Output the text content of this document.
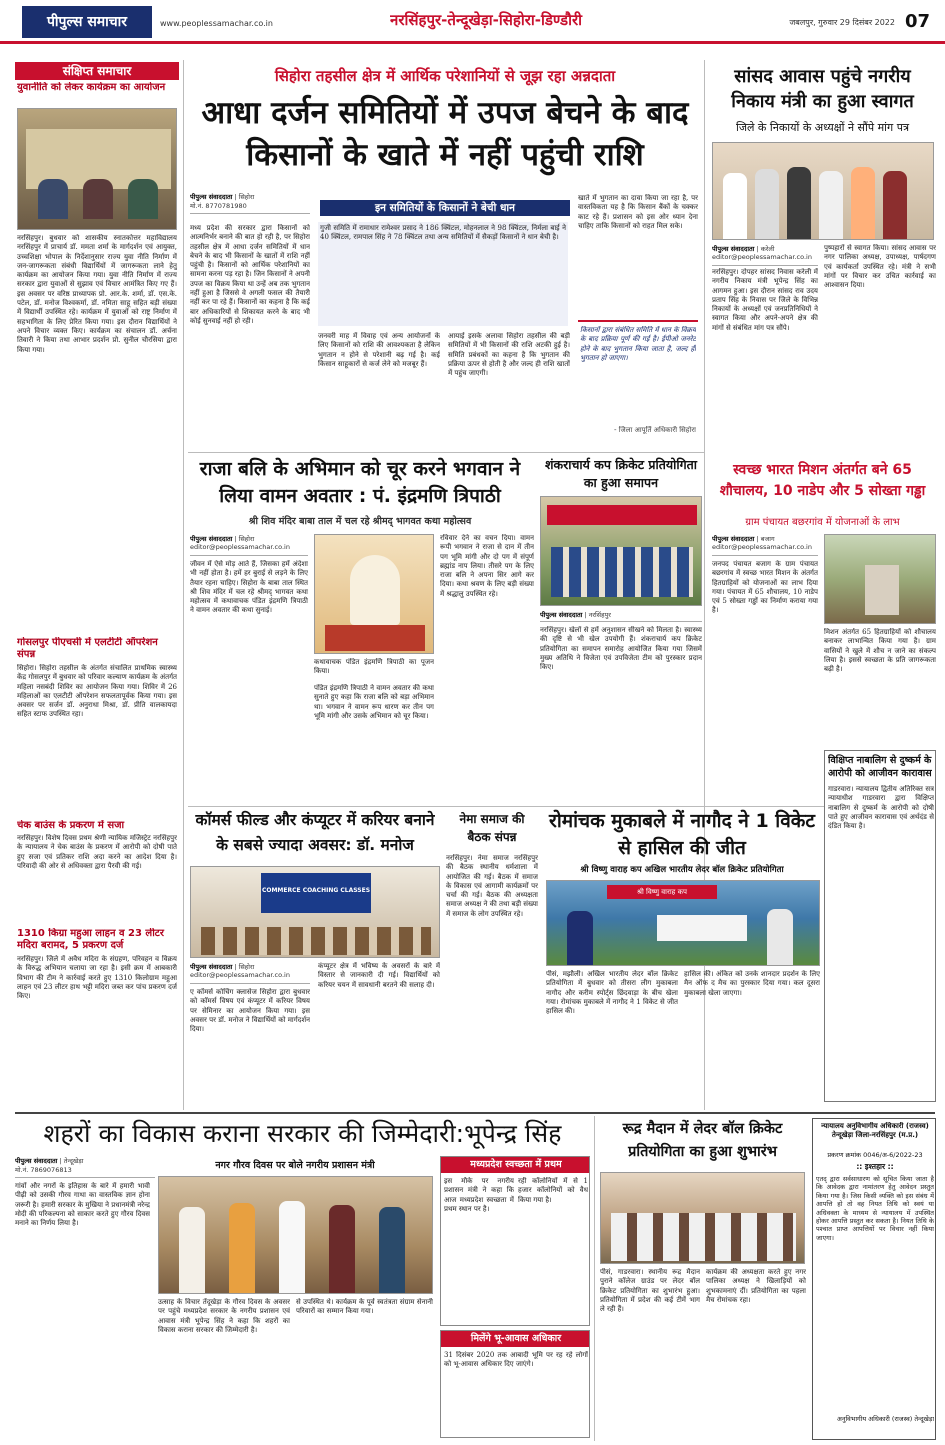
पीपुल्स समाचार	www.peoplessamachar.co.in	नरसिंहपुर-तेन्दूखेड़ा-सिहोरा-डिण्डौरी	जबलपुर, गुरुवार 29 दिसंबर 2022 07
संक्षिप्त समाचार
युवानीति को लेकर कार्यक्रम का आयोजन
नरसिंहपुर। बुधवार को शासकीय स्नातकोत्तर महाविद्यालय नरसिंहपुर में प्राचार्य डॉ. ममता शर्मा के मार्गदर्शन एवं आयुक्त, उच्चशिक्षा भोपाल के निर्देशानुसार राज्य युवा नीति निर्माण में जन-जागरूकता संबंधी विद्यार्थियों में जागरूकता लाने हेतु कार्यक्रम का आयोजन किया गया। युवा नीति निर्माण में राज्य सरकार द्वारा युवाओं से सुझाव एवं विचार आमंत्रित किए गए हैं। इस अवसर पर वरिष्ठ प्राध्यापक प्रो. आर.के. शर्मा, डॉ. एस.के. पटेल, डॉ. मनोज विश्वकर्मा, डॉ. नमिता साहू सहित बड़ी संख्या में विद्यार्थी उपस्थित रहे। कार्यक्रम में युवाओं को राष्ट्र निर्माण में सहभागिता के लिए प्रेरित किया गया। इस दौरान विद्यार्थियों ने अपने विचार व्यक्त किए। कार्यक्रम का संचालन डॉ. अर्चना तिवारी ने किया तथा आभार प्रदर्शन प्रो. सुनील चौरसिया द्वारा किया गया।
गोसलपुर पीएचसी में एलटीटी ऑपरेशन संपन्न
सिहोरा। सिहोरा तहसील के अंतर्गत संचालित प्राथमिक स्वास्थ्य केंद्र गोसलपुर में बुधवार को परिवार कल्याण कार्यक्रम के अंतर्गत महिला नसबंदी शिविर का आयोजन किया गया। शिविर में 26 महिलाओं का एलटीटी ऑपरेशन सफलतापूर्वक किया गया। इस अवसर पर सर्जन डॉ. अनुराधा मिश्रा, डॉ. प्रीति वालकायदा सहित स्टाफ उपस्थित रहा।
चेक बाउंस के प्रकरण में सजा
नरसिंहपुर। विशेष दिवस प्रथम श्रेणी न्यायिक मजिस्ट्रेट नरसिंहपुर के न्यायालय ने चेक बाउंस के प्रकरण में आरोपी को दोषी पाते हुए सजा एवं प्रतिकर राशि अदा करने का आदेश दिया है। परिवादी की ओर से अधिवक्ता द्वारा पैरवी की गई।
1310 किग्रा महुआ लाहन व 23 लीटर मदिरा बरामद, 5 प्रकरण दर्ज
नरसिंहपुर। जिले में अवैध मदिरा के संग्रहण, परिवहन व विक्रय के विरुद्ध अभियान चलाया जा रहा है। इसी क्रम में आबकारी विभाग की टीम ने कार्रवाई करते हुए 1310 किलोग्राम महुआ लाहन एवं 23 लीटर हाथ भट्टी मदिरा जब्त कर पांच प्रकरण दर्ज किए।
सिहोरा तहसील क्षेत्र में आर्थिक परेशानियों से जूझ रहा अन्नदाता
आधा दर्जन समितियों में उपज बेचने के बाद किसानों के खाते में नहीं पहुंची राशि
पीपुल्स संवाददाता | सिहोरा
मो.नं. 8770781980	इन समितियों के किसानों ने बेची धान
मध्य प्रदेश की सरकार द्वारा किसानों को आत्मनिर्भर बनाने की बात हो रही है, पर सिहोरा तहसील क्षेत्र में आधा दर्जन समितियों में धान बेचने के बाद भी किसानों के खातों में राशि नहीं पहुंची है। किसानों को आर्थिक परेशानियों का सामना करना पड़ रहा है। जिन किसानों ने अपनी उपज का विक्रय किया था उन्हें अब तक भुगतान नहीं हुआ है जिससे वे अगली फसल की तैयारी नहीं कर पा रहे हैं। किसानों का कहना है कि कई बार अधिकारियों से शिकायत करने के बाद भी कोई सुनवाई नहीं हो रही।
गुजी समिति में रामाधार रामेश्वर प्रसाद ने 186 क्विंटल, मोहनलाल ने 98 क्विंटल, निर्मला बाई ने 40 क्विंटल, रामपाल सिंह ने 78 क्विंटल तथा अन्य समितियों में सैकड़ों किसानों ने धान बेची है।
जनवरी माह में विवाह एवं अन्य आयोजनों के लिए किसानों को राशि की आवश्यकता है लेकिन भुगतान न होने से परेशानी बढ़ गई है। कई किसान साहूकारों से कर्ज लेने को मजबूर हैं।
आयाई इसके अलावा सिहोरा तहसील की बड़ी समितियों में भी किसानों की राशि अटकी हुई है। समिति प्रबंधकों का कहना है कि भुगतान की प्रक्रिया ऊपर से होती है और जल्द ही राशि खातों में पहुंच जाएगी।
खाते में भुगतान का दावा किया जा रहा है, पर वास्तविकता यह है कि किसान बैंकों के चक्कर काट रहे हैं। प्रशासन को इस ओर ध्यान देना चाहिए ताकि किसानों को राहत मिल सके।
किसानों द्वारा संबंधित समिति में धान के विक्रय के बाद प्रक्रिया पूर्ण की गई है। ईपीओ जनरेट होने के बाद भुगतान किया जाता है, जल्द ही भुगतान हो जाएगा।
- जिला आपूर्ति अधिकारी सिहोरा
सांसद आवास पहुंचे नगरीय निकाय मंत्री का हुआ स्वागत
जिले के निकायों के अध्यक्षों ने सौंपे मांग पत्र
पीपुल्स संवाददाता | करेली
editor@peoplessamachar.co.in
नरसिंहपुर। दोपहर सांसद निवास करेली में नगरीय निकाय मंत्री भूपेन्द्र सिंह का आगमन हुआ। इस दौरान सांसद राव उदय प्रताप सिंह के निवास पर जिले के विभिन्न निकायों के अध्यक्षों एवं जनप्रतिनिधियों ने स्वागत किया और अपने-अपने क्षेत्र की मांगों से संबंधित मांग पत्र सौंपे।
पुष्पहारों से स्वागत किया। सांसद आवास पर नगर पालिका अध्यक्ष, उपाध्यक्ष, पार्षदगण एवं कार्यकर्ता उपस्थित रहे। मंत्री ने सभी मांगों पर विचार कर उचित कार्रवाई का आश्वासन दिया।
राजा बलि के अभिमान को चूर करने भगवान ने लिया वामन अवतार : पं. इंद्रमणि त्रिपाठी
श्री शिव मंदिर बाबा ताल में चल रहे श्रीमद् भागवत कथा महोत्सव
पीपुल्स संवाददाता | सिहोरा
editor@peoplessamachar.co.in
जीवन में ऐसे मोड़ आते हैं, जिसका हमें अंदेशा भी नहीं होता है। हमें हर बुराई से लड़ने के लिए तैयार रहना चाहिए। सिहोरा के बाबा ताल स्थित श्री शिव मंदिर में चल रहे श्रीमद् भागवत कथा महोत्सव में कथावाचक पंडित इंद्रमणि त्रिपाठी ने वामन अवतार की कथा सुनाई।
कथावाचक पंडित इंद्रमणि त्रिपाठी का पूजन किया।
पंडित इंद्रमणि त्रिपाठी ने वामन अवतार की कथा सुनाते हुए कहा कि राजा बलि को बड़ा अभिमान था। भगवान ने वामन रूप धारण कर तीन पग भूमि मांगी और उसके अभिमान को चूर किया।
रविवार देने का वचन दिया। वामन रूपी भगवान ने राजा से दान में तीन पग भूमि मांगी और दो पग में संपूर्ण ब्रह्मांड नाप लिया। तीसरे पग के लिए राजा बलि ने अपना सिर आगे कर दिया। कथा श्रवण के लिए बड़ी संख्या में श्रद्धालु उपस्थित रहे।
शंकराचार्य कप क्रिकेट प्रतियोगिता का हुआ समापन
पीपुल्स संवाददाता | नरसिंहपुर
नरसिंहपुर। खेलों से हमें अनुशासन सीखने को मिलता है। स्वास्थ्य की दृष्टि से भी खेल उपयोगी हैं। शंकराचार्य कप क्रिकेट प्रतियोगिता का समापन समारोह आयोजित किया गया जिसमें मुख्य अतिथि ने विजेता एवं उपविजेता टीम को पुरस्कार प्रदान किए।
स्वच्छ भारत मिशन अंतर्गत बने 65 शौचालय, 10 नाडेप और 5 सोख्ता गड्ढा
ग्राम पंचायत बछरगांव में योजनाओं के लाभ
पीपुल्स संवाददाता | बजाग
editor@peoplessamachar.co.in
जनपद पंचायत बजाग के ग्राम पंचायत बछरगांव में स्वच्छ भारत मिशन के अंतर्गत हितग्राहियों को योजनाओं का लाभ दिया गया। पंचायत में 65 शौचालय, 10 नाडेप एवं 5 सोख्ता गड्ढों का निर्माण कराया गया है।
मिशन अंतर्गत 65 हितग्राहियों को शौचालय बनाकर लाभान्वित किया गया है। ग्राम वासियों ने खुले में शौच न जाने का संकल्प लिया है। इससे स्वच्छता के प्रति जागरूकता बढ़ी है।
विक्षिप्त नाबालिग से दुष्कर्म के आरोपी को आजीवन कारावास
गाडरवारा। न्यायालय द्वितीय अतिरिक्त सत्र न्यायाधीश गाडरवारा द्वारा विक्षिप्त नाबालिग से दुष्कर्म के आरोपी को दोषी पाते हुए आजीवन कारावास एवं अर्थदंड से दंडित किया है।
कॉमर्स फील्ड और कंप्यूटर में करियर बनाने के सबसे ज्यादा अवसर: डॉ. मनोज
COMMERCE COACHING CLASSES
पीपुल्स संवाददाता | सिहोरा
editor@peoplessamachar.co.in
ए कॉमर्स कोचिंग क्लासेज सिहोरा द्वारा बुधवार को कॉमर्स विषय एवं कंप्यूटर में करियर विषय पर सेमिनार का आयोजन किया गया। इस अवसर पर डॉ. मनोज ने विद्यार्थियों को मार्गदर्शन दिया।
कंप्यूटर क्षेत्र में भविष्य के अवसरों के बारे में विस्तार से जानकारी दी गई। विद्यार्थियों को करियर चयन में सावधानी बरतने की सलाह दी।
नेमा समाज की बैठक संपन्न
नरसिंहपुर। नेमा समाज नरसिंहपुर की बैठक स्थानीय धर्मशाला में आयोजित की गई। बैठक में समाज के विकास एवं आगामी कार्यक्रमों पर चर्चा की गई। बैठक की अध्यक्षता समाज अध्यक्ष ने की तथा बड़ी संख्या में समाज के लोग उपस्थित रहे।
रोमांचक मुकाबले में नागौद ने 1 विकेट से हासिल की जीत
श्री विष्णु वाराह कप अखिल भारतीय लेदर बॉल क्रिकेट प्रतियोगिता
श्री विष्णु वाराह कप
पीसं, मझौली। अखिल भारतीय लेदर बॉल क्रिकेट प्रतियोगिता में बुधवार को तीसरा लीग मुकाबला नागौद और करीम स्पोर्ट्स छिंदवाड़ा के बीच खेला गया। रोमांचक मुकाबले में नागौद ने 1 विकेट से जीत हासिल की।
हासिल की। अंकित को उनके शानदार प्रदर्शन के लिए मैन ऑफ द मैच का पुरस्कार दिया गया। कल दूसरा मुकाबला खेला जाएगा।
शहरों का विकास कराना सरकार की जिम्मेदारी:भूपेन्द्र सिंह
पीपुल्स संवाददाता | तेन्दूखेड़ा
मो.नं. 7869076813	नगर गौरव दिवस पर बोले नगरीय प्रशासन मंत्री
गांवों और नगरों के इतिहास के बारे में हमारी भावी पीढ़ी को उसकी गौरव गाथा का वास्तविक ज्ञान होना जरूरी है। हमारी सरकार के मुखिया ने प्रधानमंत्री नरेन्द्र मोदी की परिकल्पना को साकार करते हुए गौरव दिवस मनाने का निर्णय लिया है।
उत्साह के विचार तेंदूखेड़ा के गौरव दिवस के अवसर पर पहुंचे मध्यप्रदेश सरकार के नगरीय प्रशासन एवं आवास मंत्री भूपेन्द्र सिंह ने कहा कि शहरों का विकास कराना सरकार की जिम्मेदारी है।
से उपस्थित थे। कार्यक्रम के पूर्व स्वतंत्रता संग्राम सेनानी परिवारों का सम्मान किया गया।
मध्यप्रदेश स्वच्छता में प्रथम
इस मौके पर नगरीय प्रशासन मंत्री ने कहा कि आज मध्यप्रदेश स्वच्छता में प्रथम स्थान पर है।
रही कॉलोनियों में से 1 हजार कॉलोनियों को वैध किया गया है।
मिलेंगे भू-आवास अधिकार
31 दिसंबर 2020 तक आबादी भूमि पर रह रहे लोगों को भू-आवास अधिकार दिए जाएंगे।
रूद्र मैदान में लेदर बॉल क्रिकेट प्रतियोगिता का हुआ शुभारंभ
पीसं, गाडरवारा। स्थानीय रूद्र मैदान पुराने कॉलेज ग्राउंड पर लेदर बॉल क्रिकेट प्रतियोगिता का शुभारंभ हुआ। प्रतियोगिता में प्रदेश की कई टीमें भाग ले रही हैं।
कार्यक्रम की अध्यक्षता करते हुए नगर पालिका अध्यक्ष ने खिलाड़ियों को शुभकामनाएं दीं। प्रतियोगिता का पहला मैच रोमांचक रहा।
न्यायालय अनुविभागीय अधिकारी (राजस्व) तेन्दूखेड़ा जिला-नरसिंहपुर (म.प्र.)
प्रकरण क्रमांक 0046/अ-6/2022-23
:: इश्तहार ::
एतद् द्वारा सर्वसाधारण को सूचित किया जाता है कि आवेदक द्वारा नामांतरण हेतु आवेदन प्रस्तुत किया गया है। जिस किसी व्यक्ति को इस संबंध में आपत्ति हो तो वह नियत तिथि को स्वयं या अधिवक्ता के माध्यम से न्यायालय में उपस्थित होकर आपत्ति प्रस्तुत कर सकता है। नियत तिथि के पश्चात प्राप्त आपत्तियों पर विचार नहीं किया जाएगा।
अनुविभागीय अधिकारी (राजस्व) तेन्दूखेड़ा
